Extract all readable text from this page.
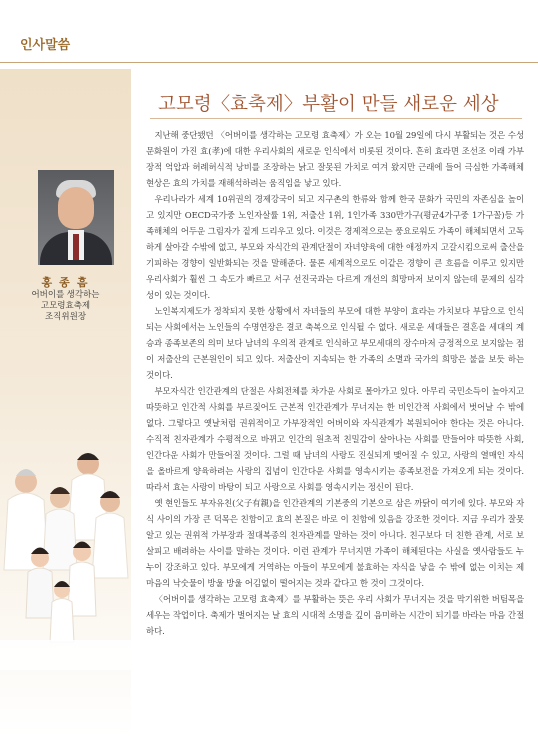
인사말씀
홍 종 흠
어버이를 생각하는
고모령효축제
조직위원장
고모령〈효축제〉부활이 만들 새로운 세상

지난해 중단됐던 〈어버이를 생각하는 고모령 효축제〉가 오는 10월 29일에 다시 부활되는 것은 수성문화원이 가진 효(孝)에 대한 우리사회의 새로운 인식에서 비롯된 것이다. 흔히 효라면 조선조 이래 가부장적 억압과 허례허식적 낭비를 조장하는 낡고 잘못된 가치로 여겨 왔지만 근래에 들어 극심한 가족해체 현상은 효의 가치를 재해석하려는 움직임을 낳고 있다.

우리나라가 세계 10위권의 경제강국이 되고 지구촌의 한류와 함께 한국 문화가 국민의 자존심을 높이고 있지만 OECD국가중 노인자살률 1위, 저출산 1위, 1인가족 330만가구(평균4가구중 1가구꼴)등 가족해체의 어두운 그림자가 짙게 드리우고 있다. 이것은 경제적으로는 풍요로워도 가족이 해체되면서 고독하게 살아갈 수밖에 없고, 부모와 자식간의 관계단절이 자녀양육에 대한 애정까지 고갈시킴으로써 출산을 기피하는 경향이 일반화되는 것을 말해준다. 물론 세계적으로도 이같은 경향이 큰 흐름을 이루고 있지만 우리사회가 훨씬 그 속도가 빠르고 서구 선진국과는 다르게 개선의 희망마저 보이지 않는데 문제의 심각성이 있는 것이다.

노인복지제도가 정착되지 못한 상황에서 자녀들의 부모에 대한 부양이 효라는 가치보다 부담으로 인식되는 사회에서는 노인들의 수명연장은 결코 축복으로 인식될 수 없다. 새로운 세대들은 결혼을 세대의 계승과 종족보존의 의미 보다 남녀의 우의적 관계로 인식하고 부모세대의 장수마저 긍정적으로 보지않는 점이 저출산의 근본원인이 되고 있다. 저출산이 지속되는 한 가족의 소멸과 국가의 희망은 불을 보듯 하는 것이다.

부모자식간 인간관계의 단절은 사회전체를 차가운 사회로 몰아가고 있다. 아무리 국민소득이 높아지고 따뜻하고 인간적 사회를 부르짖어도 근본적 인간관계가 무너지는 한 비인간적 사회에서 벗어날 수 밖에 없다. 그렇다고 옛날처럼 권위적이고 가부장적인 어버이와 자식관계가 복원되어야 한다는 것은 아니다. 수직적 친자관계가 수평적으로 바뀌고 인간의 원초적 친밀감이 살아나는 사회를 만들어야 따뜻한 사회, 인간다운 사회가 만들어질 것이다. 그럴 때 남녀의 사랑도 진실되게 맺어질 수 있고, 사랑의 열매인 자식을 올바르게 양육하려는 사랑의 집념이 인간다운 사회를 영속시키는 종족보전을 가져오게 되는 것이다. 따라서 효는 사랑이 바탕이 되고 사랑으로 사회를 영속시키는 정신이 된다.

옛 현인들도 부자유친(父子有親)을 인간관계의 기본중의 기본으로 삼은 까닭이 여기에 있다. 부모와 자식 사이의 가장 큰 덕목은 친함이고 효의 본질은 바로 이 친함에 있음을 강조한 것이다. 지금 우리가 잘못 알고 있는 권위적 가부장과 절대복종의 친자관계를 말하는 것이 아니다. 친구보다 더 친한 관계, 서로 보살피고 배려하는 사이를 말하는 것이다. 이런 관계가 무너지면 가족이 해체된다는 사실을 옛사람들도 누누이 강조하고 있다. 부모에게 거역하는 아들이 부모에게 불효하는 자식을 낳을 수 밖에 없는 이치는 제 마음의 낙숫물이 방울 방울 어김없이 떨어지는 것과 같다고 한 것이 그것이다.

〈어버이를 생각하는 고모령 효축제〉를 부활하는 뜻은 우리 사회가 무너지는 것을 막기위한 버팀목을 세우는 작업이다. 축제가 벌어지는 날 효의 시대적 소명을 깊이 음미하는 시간이 되기를 바라는 마음 간절하다.
